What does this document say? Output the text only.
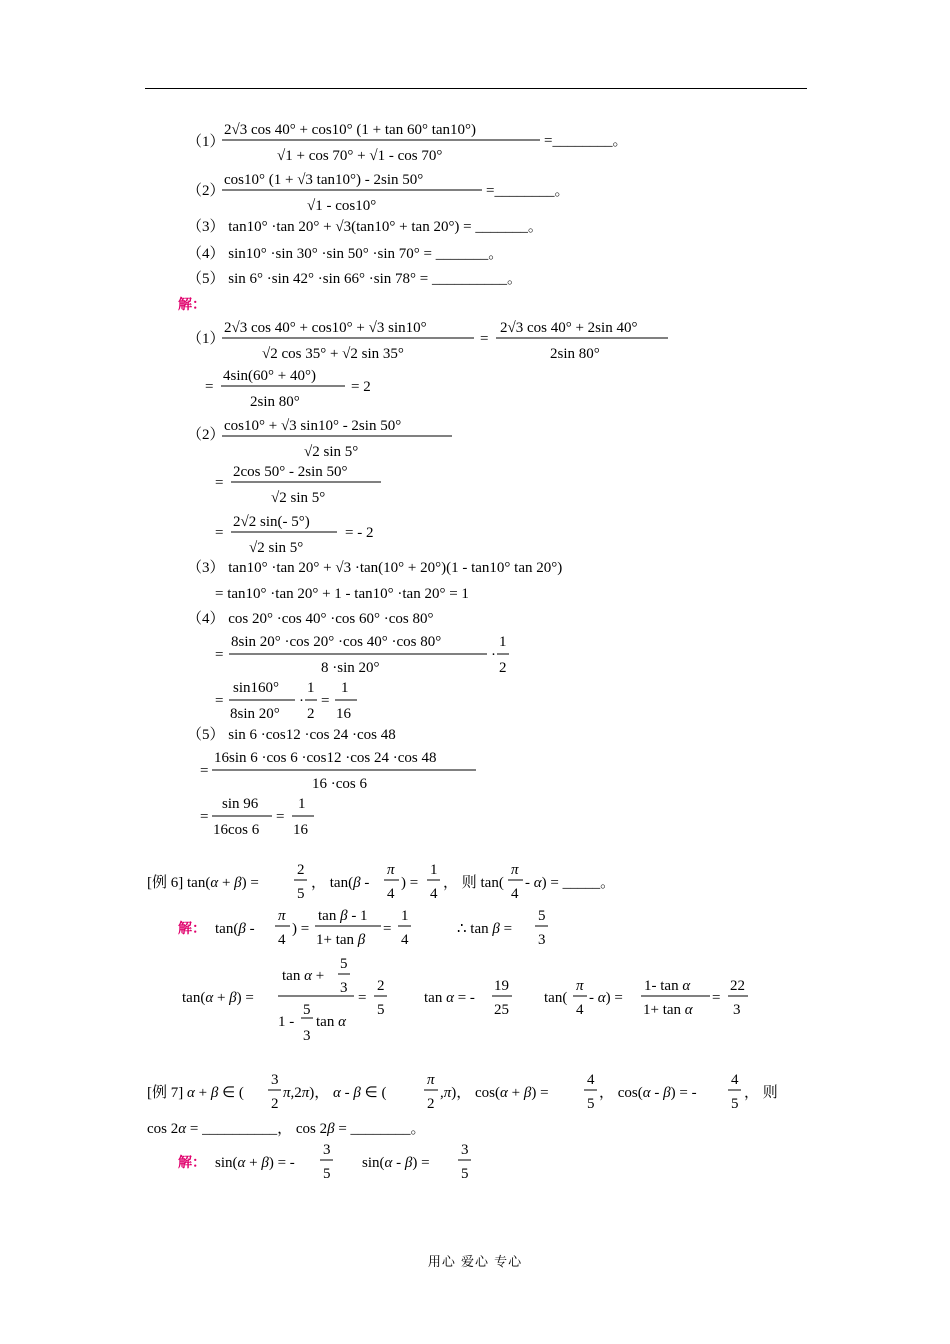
（1）
2√3 cos 40° + cos10° (1 + tan 60° tan10°)
√1 + cos 70° + √1 - cos 70°
=________。
（2）
cos10° (1 + √3 tan10°) - 2sin 50°
√1 - cos10°
=________。
（3） tan10° ·tan 20° + √3(tan10° + tan 20°) = _______。
（4） sin10° ·sin 30° ·sin 50° ·sin 70° = _______。
（5） sin 6° ·sin 42° ·sin 66° ·sin 78° = __________。
解：
（1）
2√3 cos 40° + cos10° + √3 sin10°
√2 cos 35° + √2 sin 35°
=
2√3 cos 40° + 2sin 40°
2sin 80°
=
4sin(60° + 40°)
2sin 80°
= 2
（2）
cos10° + √3 sin10° - 2sin 50°
√2 sin 5°
=
2cos 50° - 2sin 50°
√2 sin 5°
=
2√2 sin(- 5°)
√2 sin 5°
= - 2
（3） tan10° ·tan 20° + √3 ·tan(10° + 20°)(1 - tan10° tan 20°)
= tan10° ·tan 20° + 1 - tan10° ·tan 20° = 1
（4） cos 20° ·cos 40° ·cos 60° ·cos 80°
=
8sin 20° ·cos 20° ·cos 40° ·cos 80°
8 ·sin 20°
·
1
2
=
sin160°
8sin 20°
·
1
2
=
1
16
（5） sin 6 ·cos12 ·cos 24 ·cos 48
=
16sin 6 ·cos 6 ·cos12 ·cos 24 ·cos 48
16 ·cos 6
=
sin 96
16cos 6
=
1
16
[例 6] tan(α + β) =
2
5
， tan(β -
π
4
) =
1
4
， 则 tan(
π
4
- α) = _____。
解： tan(β -
π
4
) =
tan β - 1
1+ tan β
=
1
4
∴ tan β =
5
3
tan(α + β) =
tan α +
5
3
1 -
5
3
tan α
=
2
5
tan α = -
19
25
tan(
π
4
- α) =
1- tan α
1+ tan α
=
22
3
[例 7] α + β ∈ (
3
2
π,2π)， α - β ∈ (
π
2
,π)， cos(α + β) =
4
5
， cos(α - β) = -
4
5
， 则
cos 2α = __________， cos 2β = ________。
解： sin(α + β) = -
3
5
sin(α - β) =
3
5
用心 爱心 专心
